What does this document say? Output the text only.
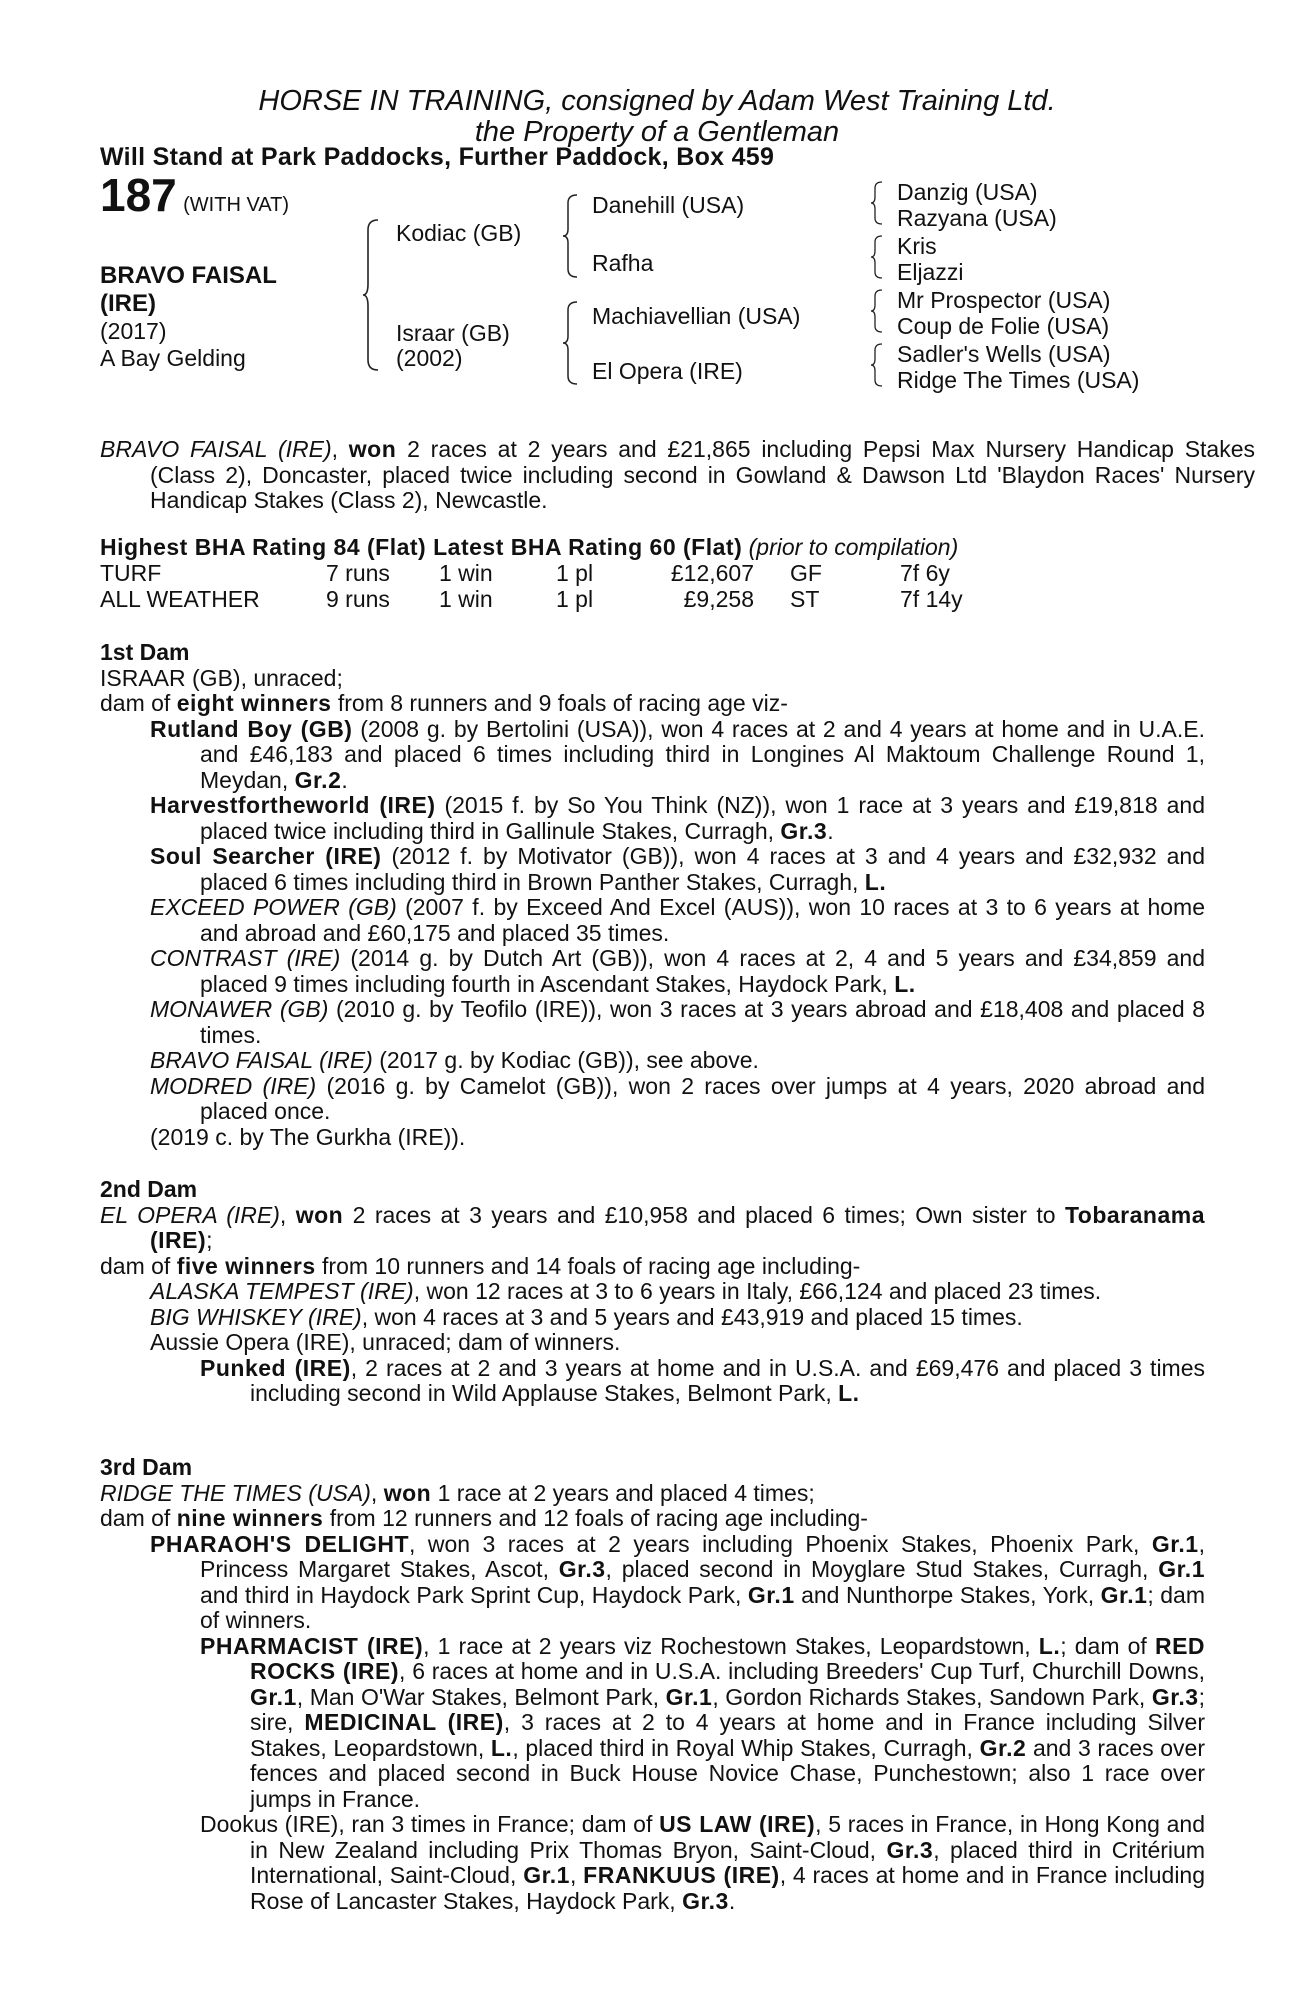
HORSE IN TRAINING, consigned by Adam West Training Ltd.
the Property of a Gentleman
Will Stand at Park Paddocks, Further Paddock, Box 459
187 (WITH VAT)
BRAVO FAISAL
(IRE)
(2017)
A Bay Gelding
Kodiac (GB)
Israar (GB)
(2002)
Danehill (USA)
Rafha
Machiavellian (USA)
El Opera (IRE)
Danzig (USA)
Razyana (USA)
Kris
Eljazzi
Mr Prospector (USA)
Coup de Folie (USA)
Sadler's Wells (USA)
Ridge The Times (USA)
BRAVO FAISAL (IRE), won 2 races at 2 years and £21,865 including Pepsi Max Nursery Handicap Stakes (Class 2), Doncaster, placed twice including second in Gowland & Dawson Ltd 'Blaydon Races' Nursery Handicap Stakes (Class 2), Newcastle.
Highest BHA Rating 84 (Flat) Latest BHA Rating 60 (Flat) (prior to compilation)
TURF	7 runs	1 win	1 pl	£12,607	GF	7f 6y
ALL WEATHER	9 runs	1 win	1 pl	£9,258	ST	7f 14y
1st Dam

ISRAAR (GB), unraced;

dam of eight winners from 8 runners and 9 foals of racing age viz-

Rutland Boy (GB) (2008 g. by Bertolini (USA)), won 4 races at 2 and 4 years at home and in U.A.E. and £46,183 and placed 6 times including third in Longines Al Maktoum Challenge Round 1, Meydan, Gr.2.

Harvestfortheworld (IRE) (2015 f. by So You Think (NZ)), won 1 race at 3 years and £19,818 and placed twice including third in Gallinule Stakes, Curragh, Gr.3.

Soul Searcher (IRE) (2012 f. by Motivator (GB)), won 4 races at 3 and 4 years and £32,932 and placed 6 times including third in Brown Panther Stakes, Curragh, L.

EXCEED POWER (GB) (2007 f. by Exceed And Excel (AUS)), won 10 races at 3 to 6 years at home and abroad and £60,175 and placed 35 times.

CONTRAST (IRE) (2014 g. by Dutch Art (GB)), won 4 races at 2, 4 and 5 years and £34,859 and placed 9 times including fourth in Ascendant Stakes, Haydock Park, L.

MONAWER (GB) (2010 g. by Teofilo (IRE)), won 3 races at 3 years abroad and £18,408 and placed 8 times.

BRAVO FAISAL (IRE) (2017 g. by Kodiac (GB)), see above.

MODRED (IRE) (2016 g. by Camelot (GB)), won 2 races over jumps at 4 years, 2020 abroad and placed once.

(2019 c. by The Gurkha (IRE)).

2nd Dam

EL OPERA (IRE), won 2 races at 3 years and £10,958 and placed 6 times; Own sister to Tobaranama (IRE);

dam of five winners from 10 runners and 14 foals of racing age including-

ALASKA TEMPEST (IRE), won 12 races at 3 to 6 years in Italy, £66,124 and placed 23 times.

BIG WHISKEY (IRE), won 4 races at 3 and 5 years and £43,919 and placed 15 times.

Aussie Opera (IRE), unraced; dam of winners.

Punked (IRE), 2 races at 2 and 3 years at home and in U.S.A. and £69,476 and placed 3 times including second in Wild Applause Stakes, Belmont Park, L.

3rd Dam

RIDGE THE TIMES (USA), won 1 race at 2 years and placed 4 times;

dam of nine winners from 12 runners and 12 foals of racing age including-

PHARAOH'S DELIGHT, won 3 races at 2 years including Phoenix Stakes, Phoenix Park, Gr.1, Princess Margaret Stakes, Ascot, Gr.3, placed second in Moyglare Stud Stakes, Curragh, Gr.1 and third in Haydock Park Sprint Cup, Haydock Park, Gr.1 and Nunthorpe Stakes, York, Gr.1; dam of winners.

PHARMACIST (IRE), 1 race at 2 years viz Rochestown Stakes, Leopardstown, L.; dam of RED ROCKS (IRE), 6 races at home and in U.S.A. including Breeders' Cup Turf, Churchill Downs, Gr.1, Man O'War Stakes, Belmont Park, Gr.1, Gordon Richards Stakes, Sandown Park, Gr.3; sire, MEDICINAL (IRE), 3 races at 2 to 4 years at home and in France including Silver Stakes, Leopardstown, L., placed third in Royal Whip Stakes, Curragh, Gr.2 and 3 races over fences and placed second in Buck House Novice Chase, Punchestown; also 1 race over jumps in France.

Dookus (IRE), ran 3 times in France; dam of US LAW (IRE), 5 races in France, in Hong Kong and in New Zealand including Prix Thomas Bryon, Saint-Cloud, Gr.3, placed third in Critérium International, Saint-Cloud, Gr.1, FRANKUUS (IRE), 4 races at home and in France including Rose of Lancaster Stakes, Haydock Park, Gr.3.
